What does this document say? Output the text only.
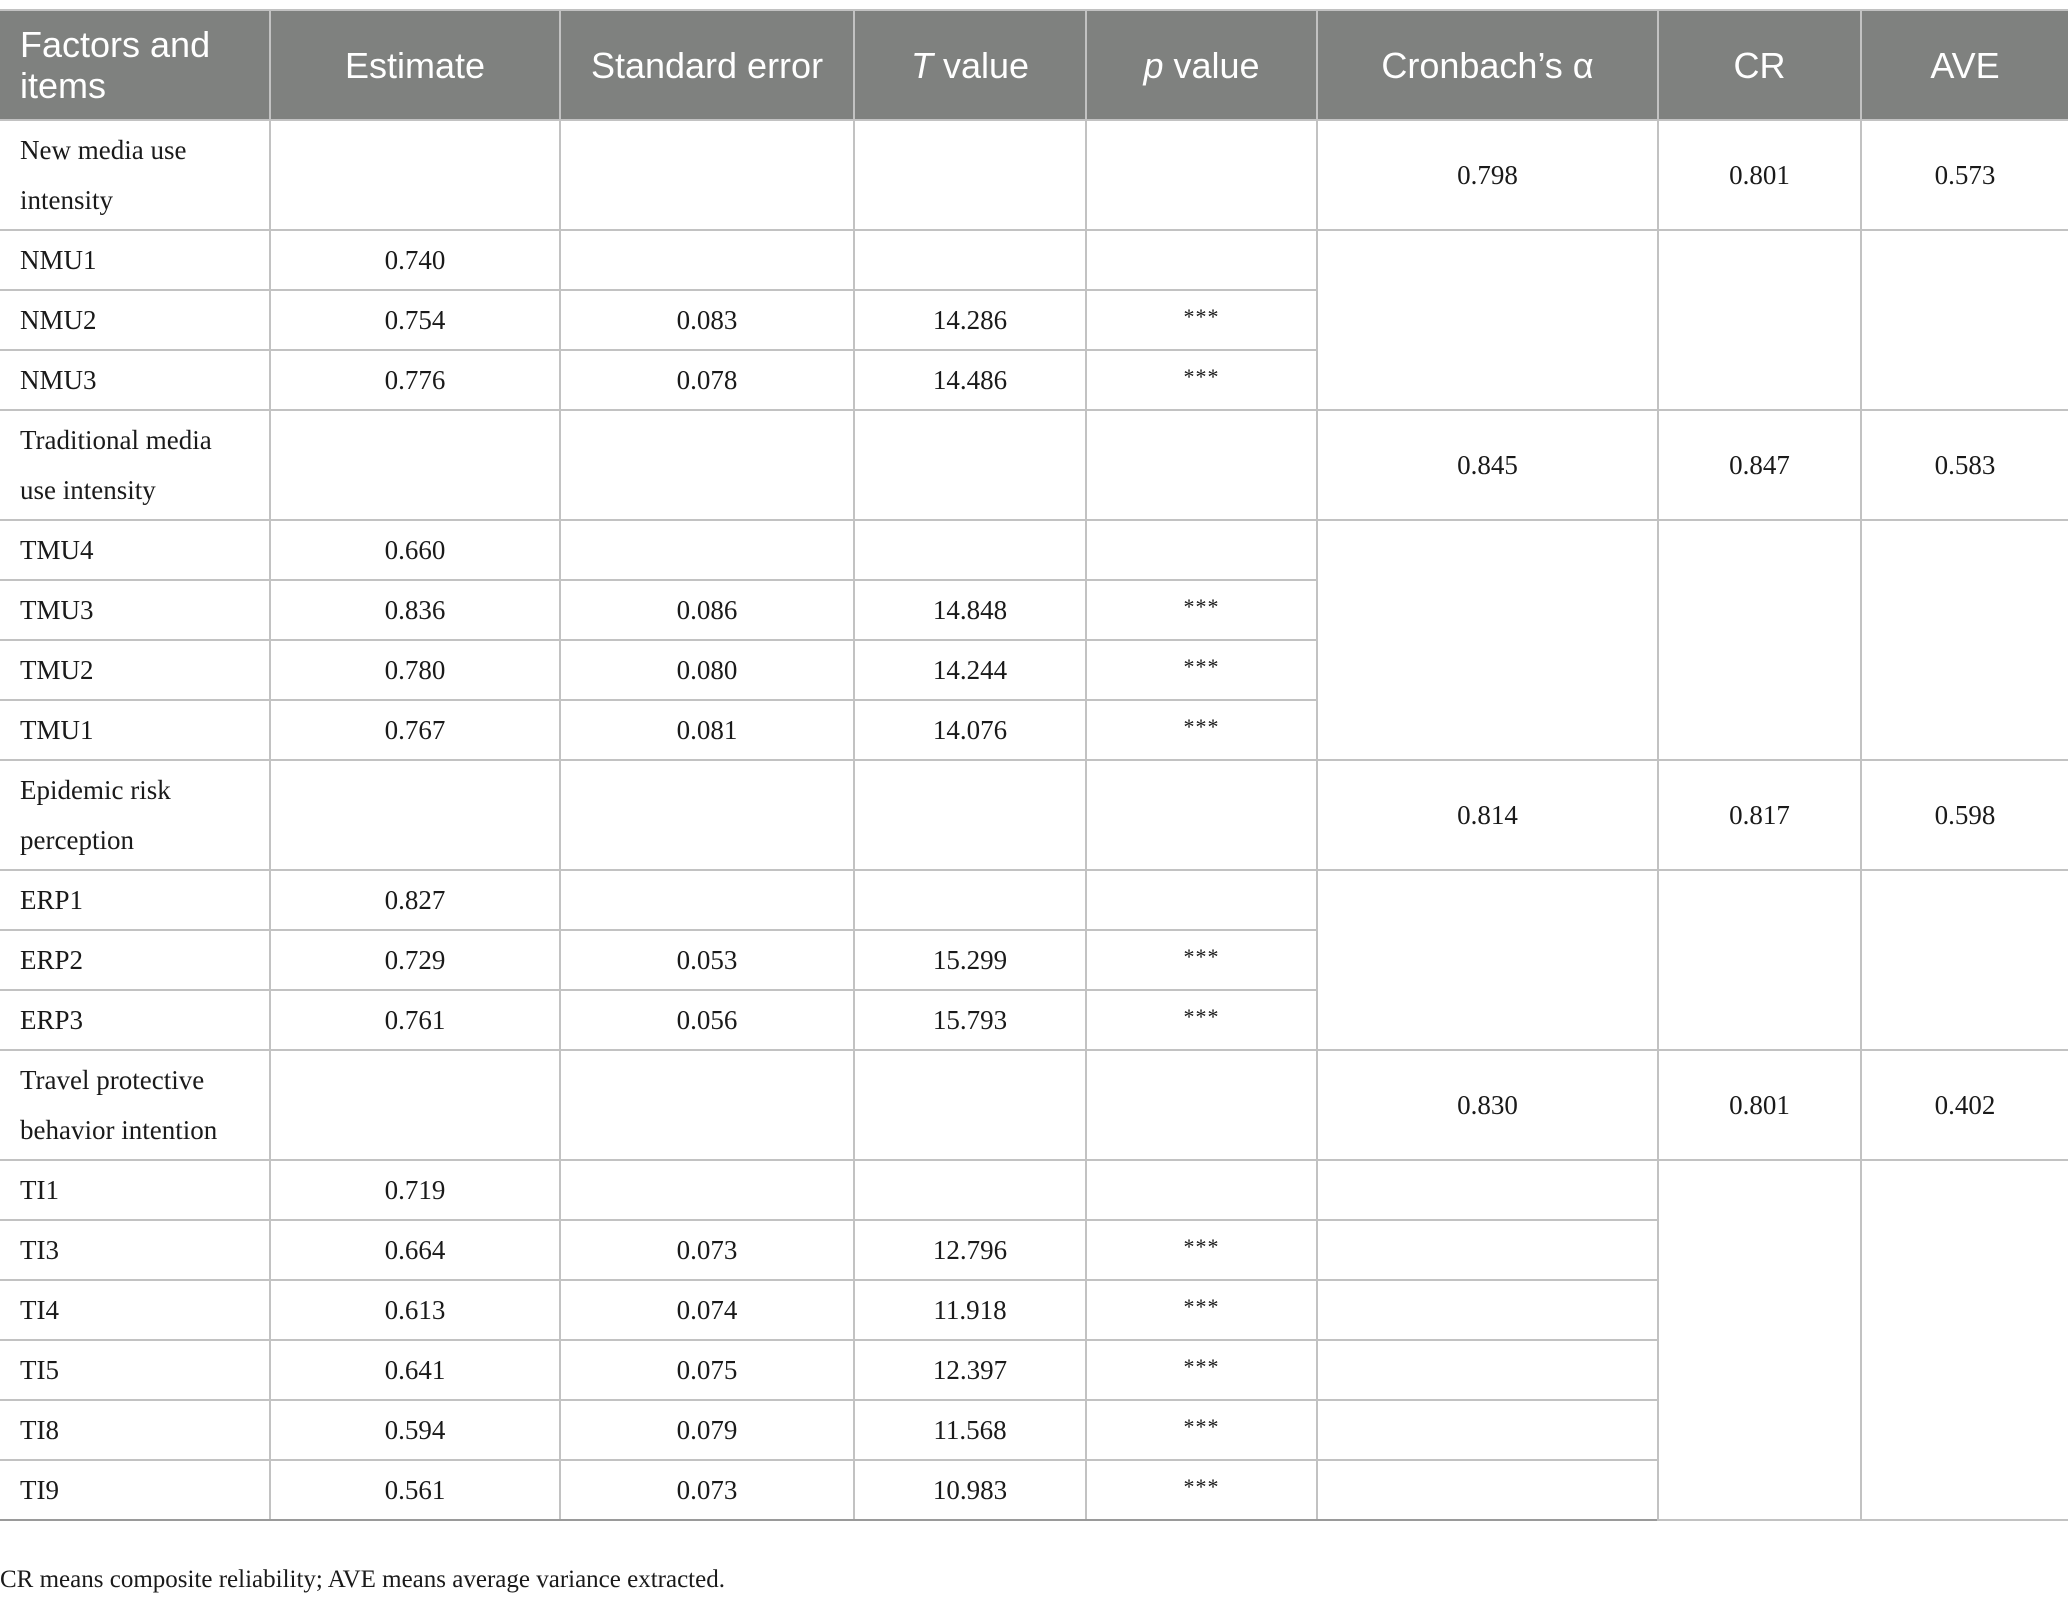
Factors and items	Estimate	Standard error	T value	p value	Cronbach’s α	CR	AVE
New media use intensity					0.798	0.801	0.573
NMU1	0.740						
NMU2	0.754	0.083	14.286	***			
NMU3	0.776	0.078	14.486	***			
Traditional media use intensity					0.845	0.847	0.583
TMU4	0.660						
TMU3	0.836	0.086	14.848	***			
TMU2	0.780	0.080	14.244	***			
TMU1	0.767	0.081	14.076	***			
Epidemic risk perception					0.814	0.817	0.598
ERP1	0.827						
ERP2	0.729	0.053	15.299	***			
ERP3	0.761	0.056	15.793	***			
Travel protective behavior intention					0.830	0.801	0.402
TI1	0.719						
TI3	0.664	0.073	12.796	***			
TI4	0.613	0.074	11.918	***			
TI5	0.641	0.075	12.397	***			
TI8	0.594	0.079	11.568	***			
TI9	0.561	0.073	10.983	***			
CR means composite reliability; AVE means average variance extracted.
